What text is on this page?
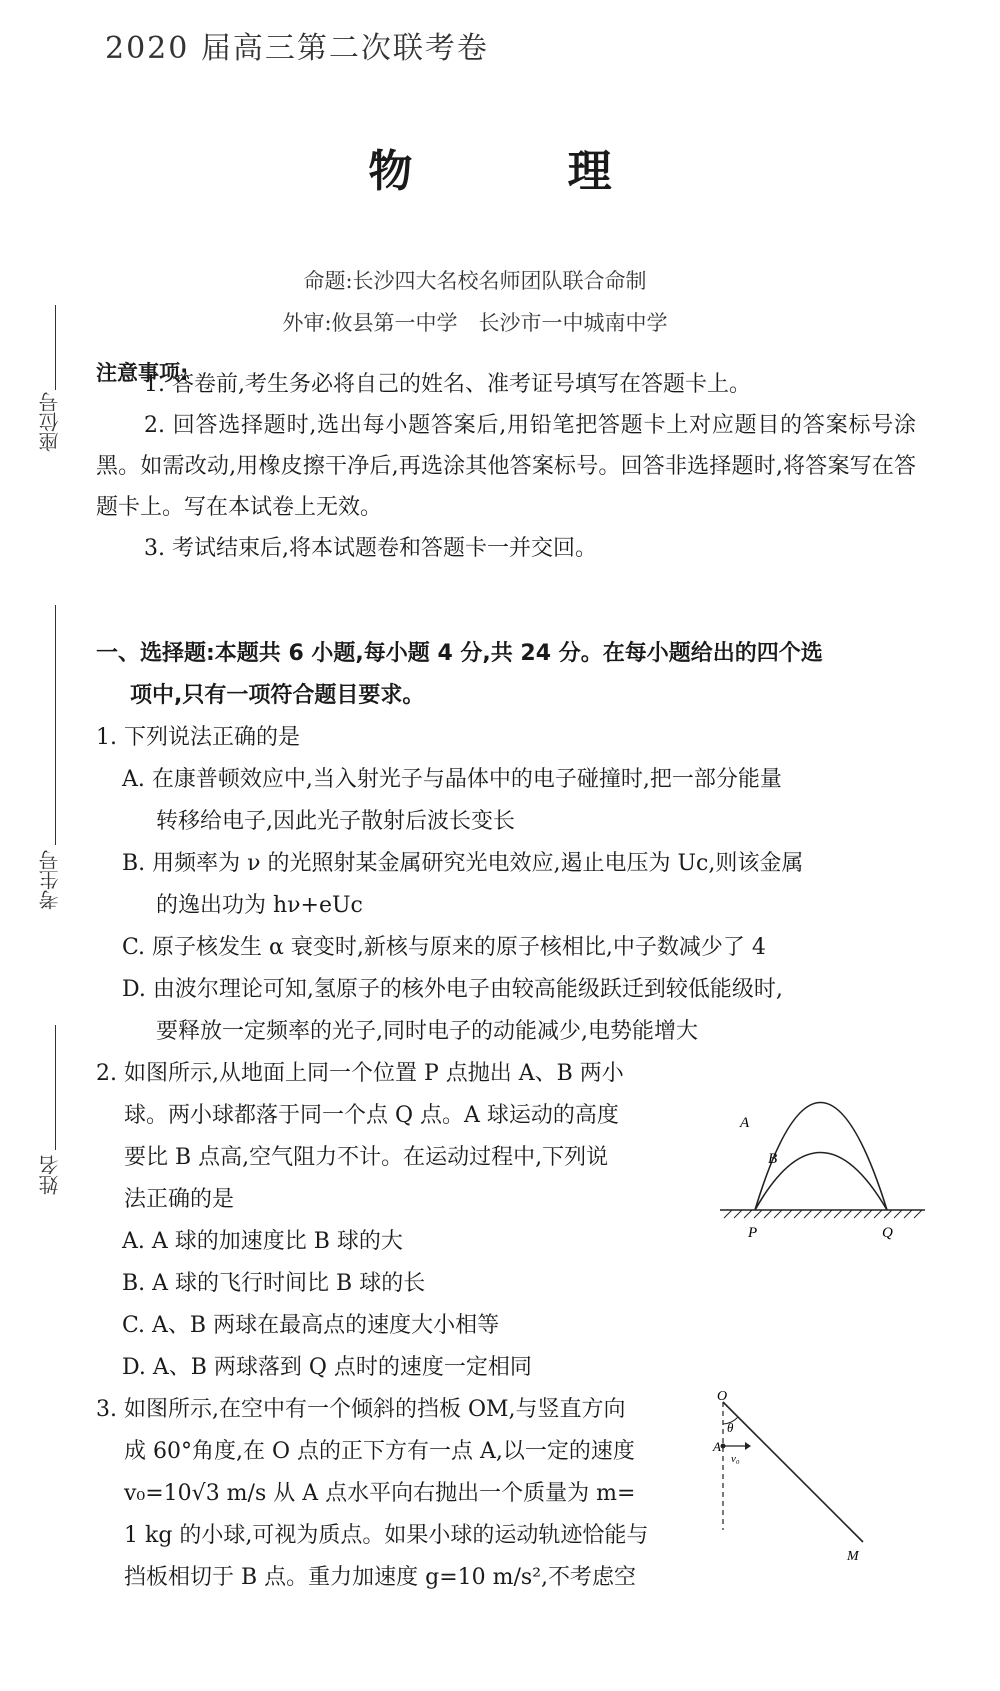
2020 届高三第二次联考卷
物 理
命题:长沙四大名校名师团队联合命制
外审:攸县第一中学　长沙市一中城南中学
座位号
考生号
姓名
注意事项:
1. 答卷前,考生务必将自己的姓名、准考证号填写在答题卡上。
2. 回答选择题时,选出每小题答案后,用铅笔把答题卡上对应题目的答案标号涂黑。如需改动,用橡皮擦干净后,再选涂其他答案标号。回答非选择题时,将答案写在答题卡上。写在本试卷上无效。
3. 考试结束后,将本试题卷和答题卡一并交回。
一、选择题:本题共 6 小题,每小题 4 分,共 24 分。在每小题给出的四个选
项中,只有一项符合题目要求。
1. 下列说法正确的是
A. 在康普顿效应中,当入射光子与晶体中的电子碰撞时,把一部分能量
转移给电子,因此光子散射后波长变长
B. 用频率为 ν 的光照射某金属研究光电效应,遏止电压为 Uc,则该金属
的逸出功为 hν+eUc
C. 原子核发生 α 衰变时,新核与原来的原子核相比,中子数减少了 4
D. 由波尔理论可知,氢原子的核外电子由较高能级跃迁到较低能级时,
要释放一定频率的光子,同时电子的动能减少,电势能增大
2. 如图所示,从地面上同一个位置 P 点抛出 A、B 两小
球。两小球都落于同一个点 Q 点。A 球运动的高度
要比 B 点高,空气阻力不计。在运动过程中,下列说
法正确的是
A. A 球的加速度比 B 球的大
B. A 球的飞行时间比 B 球的长
C. A、B 两球在最高点的速度大小相等
D. A、B 两球落到 Q 点时的速度一定相同
A
B
P	Q
3. 如图所示,在空中有一个倾斜的挡板 OM,与竖直方向
成 60°角度,在 O 点的正下方有一点 A,以一定的速度
v₀=10√3 m/s 从 A 点水平向右抛出一个质量为 m=
1 kg 的小球,可视为质点。如果小球的运动轨迹恰能与
挡板相切于 B 点。重力加速度 g=10 m/s²,不考虑空
O
θ
A
v₀
M
